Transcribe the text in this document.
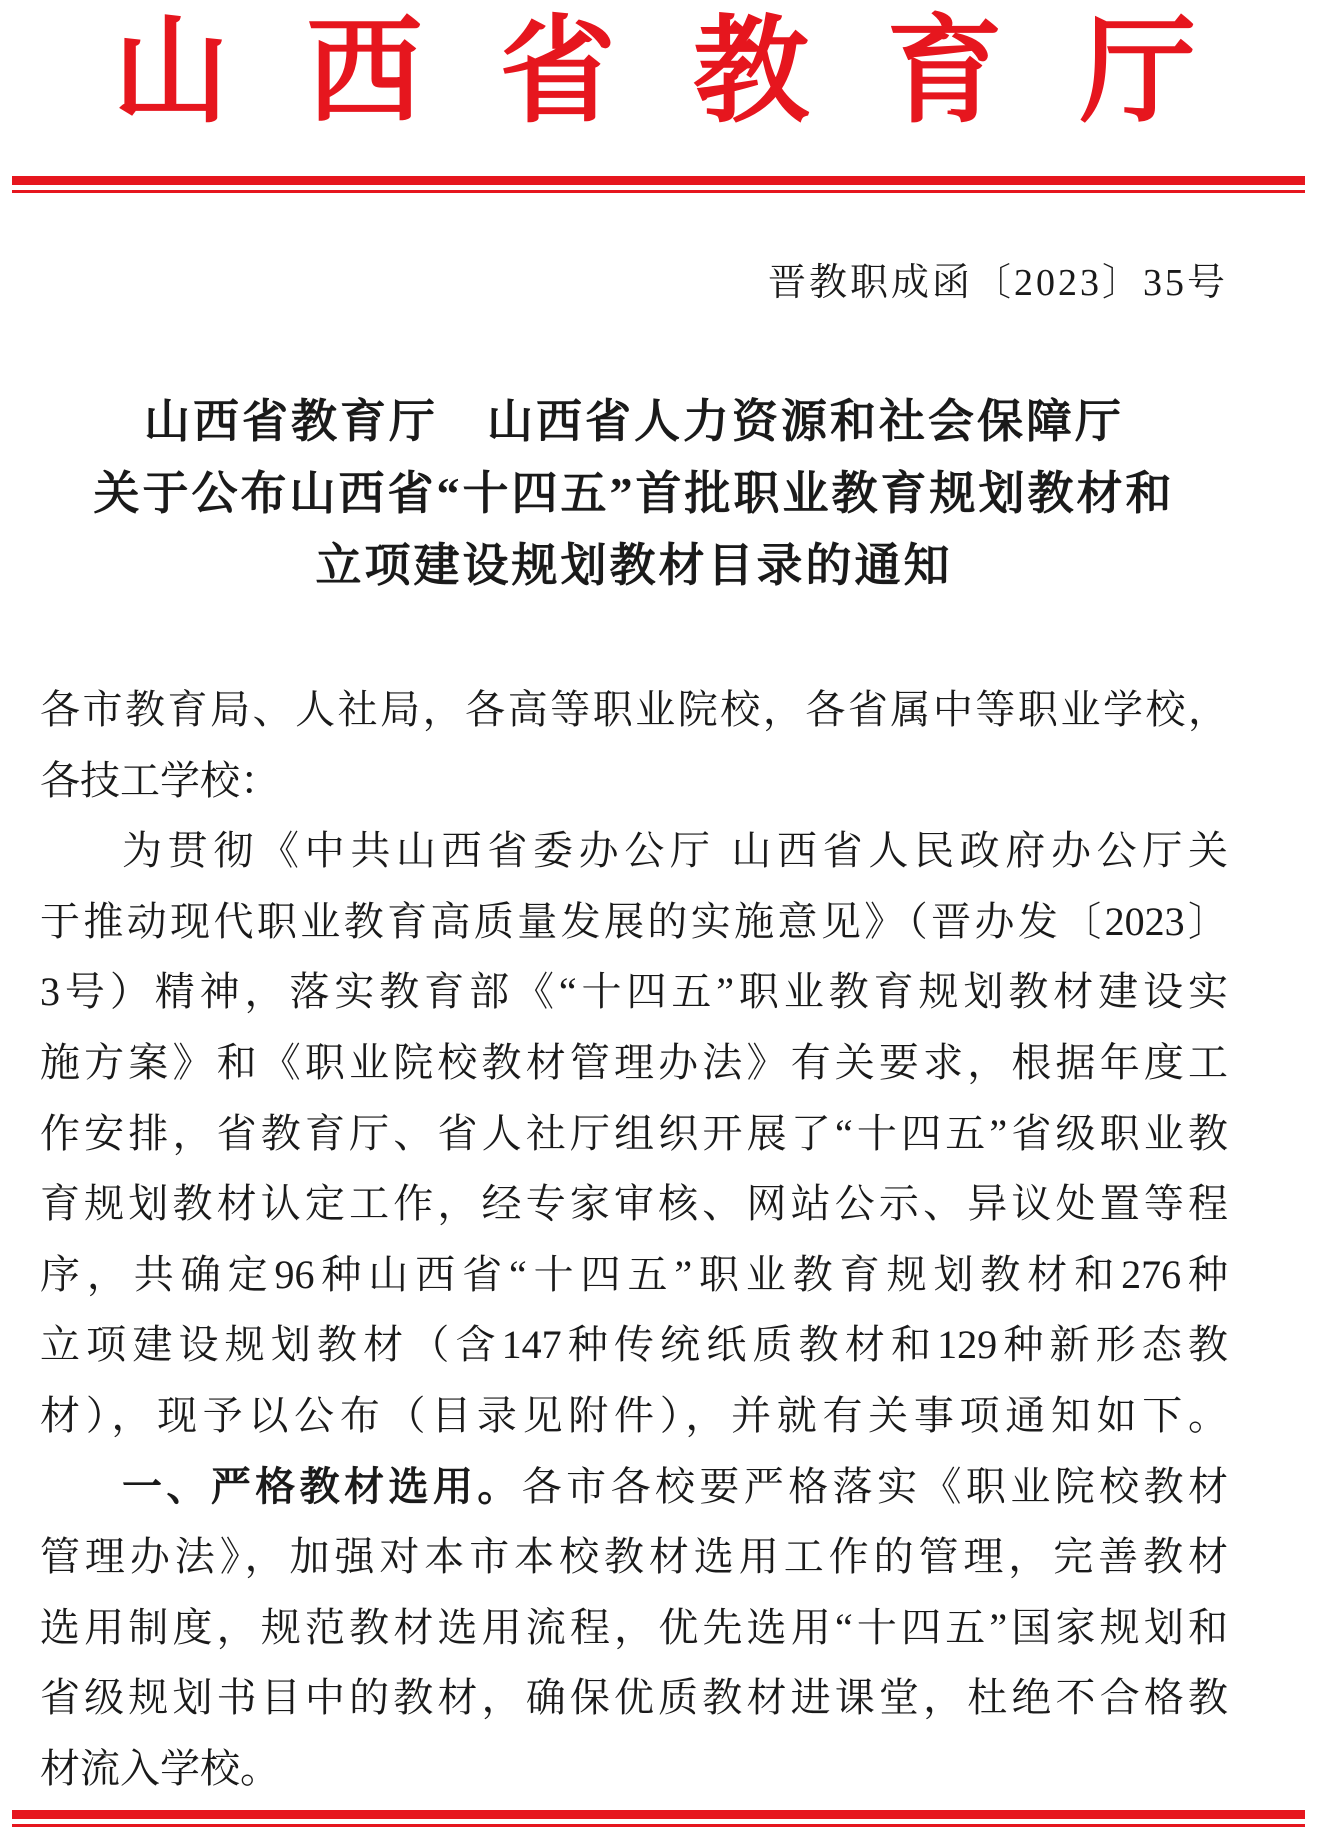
山 西 省 教 育 厅
晋教职成函〔2023〕35号
山西省教育厅　山西省人力资源和社会保障厅
关于公布山西省“十四五”首批职业教育规划教材和
立项建设规划教材目录的通知
各市教育局、人社局，各高等职业院校，各省属中等职业学校，
各技工学校：
为贯彻《中共山西省委办公厅 山西省人民政府办公厅关
于推动现代职业教育高质量发展的实施意见》（晋办发〔2023〕
3号）精神，落实教育部《“十四五”职业教育规划教材建设实
施方案》和《职业院校教材管理办法》有关要求，根据年度工
作安排，省教育厅、省人社厅组织开展了“十四五”省级职业教
育规划教材认定工作，经专家审核、网站公示、异议处置等程
序，共确定96种山西省“十四五”职业教育规划教材和276种
立项建设规划教材（含147种传统纸质教材和129种新形态教
材），现予以公布（目录见附件），并就有关事项通知如下。
一、严格教材选用。各市各校要严格落实《职业院校教材
管理办法》，加强对本市本校教材选用工作的管理，完善教材
选用制度，规范教材选用流程，优先选用“十四五”国家规划和
省级规划书目中的教材，确保优质教材进课堂，杜绝不合格教
材流入学校。
